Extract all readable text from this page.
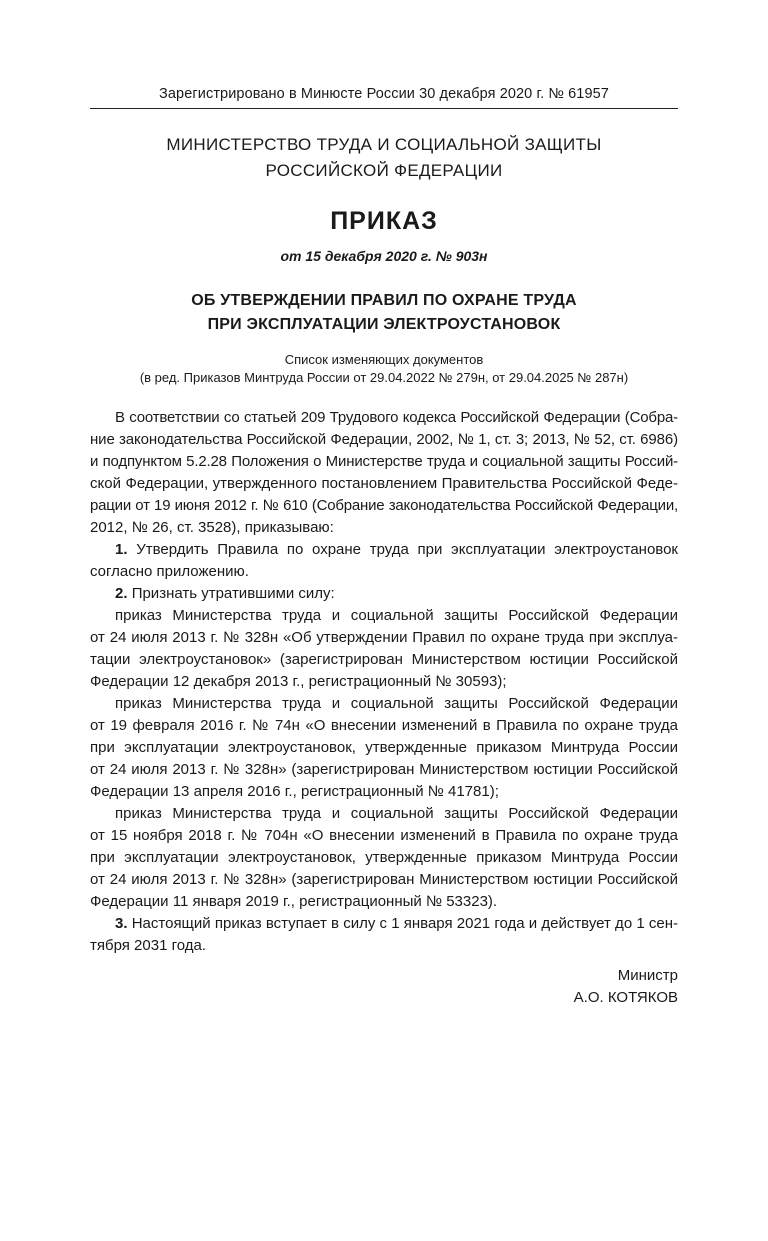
Зарегистрировано в Минюсте России 30 декабря 2020 г. № 61957
МИНИСТЕРСТВО ТРУДА И СОЦИАЛЬНОЙ ЗАЩИТЫ
РОССИЙСКОЙ ФЕДЕРАЦИИ
ПРИКАЗ
от 15 декабря 2020 г. № 903н
ОБ УТВЕРЖДЕНИИ ПРАВИЛ ПО ОХРАНЕ ТРУДА
ПРИ ЭКСПЛУАТАЦИИ ЭЛЕКТРОУСТАНОВОК
Список изменяющих документов
(в ред. Приказов Минтруда России от 29.04.2022 № 279н, от 29.04.2025 № 287н)
В соответствии со статьей 209 Трудового кодекса Российской Федерации (Собра-
ние законодательства Российской Федерации, 2002, № 1, ст. 3; 2013, № 52, ст. 6986)
и подпунктом 5.2.28 Положения о Министерстве труда и социальной защиты Россий-
ской Федерации, утвержденного постановлением Правительства Российской Феде-
рации от 19 июня 2012 г. № 610 (Собрание законодательства Российской Федерации,
2012, № 26, ст. 3528), приказываю:
1. Утвердить Правила по охране труда при эксплуатации электроустановок
согласно приложению.
2. Признать утратившими силу:
приказ Министерства труда и социальной защиты Российской Федерации
от 24 июля 2013 г. № 328н «Об утверждении Правил по охране труда при эксплуа-
тации электроустановок» (зарегистрирован Министерством юстиции Российской
Федерации 12 декабря 2013 г., регистрационный № 30593);
приказ Министерства труда и социальной защиты Российской Федерации
от 19 февраля 2016 г. № 74н «О внесении изменений в Правила по охране труда
при эксплуатации электроустановок, утвержденные приказом Минтруда России
от 24 июля 2013 г. № 328н» (зарегистрирован Министерством юстиции Российской
Федерации 13 апреля 2016 г., регистрационный № 41781);
приказ Министерства труда и социальной защиты Российской Федерации
от 15 ноября 2018 г. № 704н «О внесении изменений в Правила по охране труда
при эксплуатации электроустановок, утвержденные приказом Минтруда России
от 24 июля 2013 г. № 328н» (зарегистрирован Министерством юстиции Российской
Федерации 11 января 2019 г., регистрационный № 53323).
3. Настоящий приказ вступает в силу с 1 января 2021 года и действует до 1 сен-
тября 2031 года.
Министр
А.О. КОТЯКОВ
